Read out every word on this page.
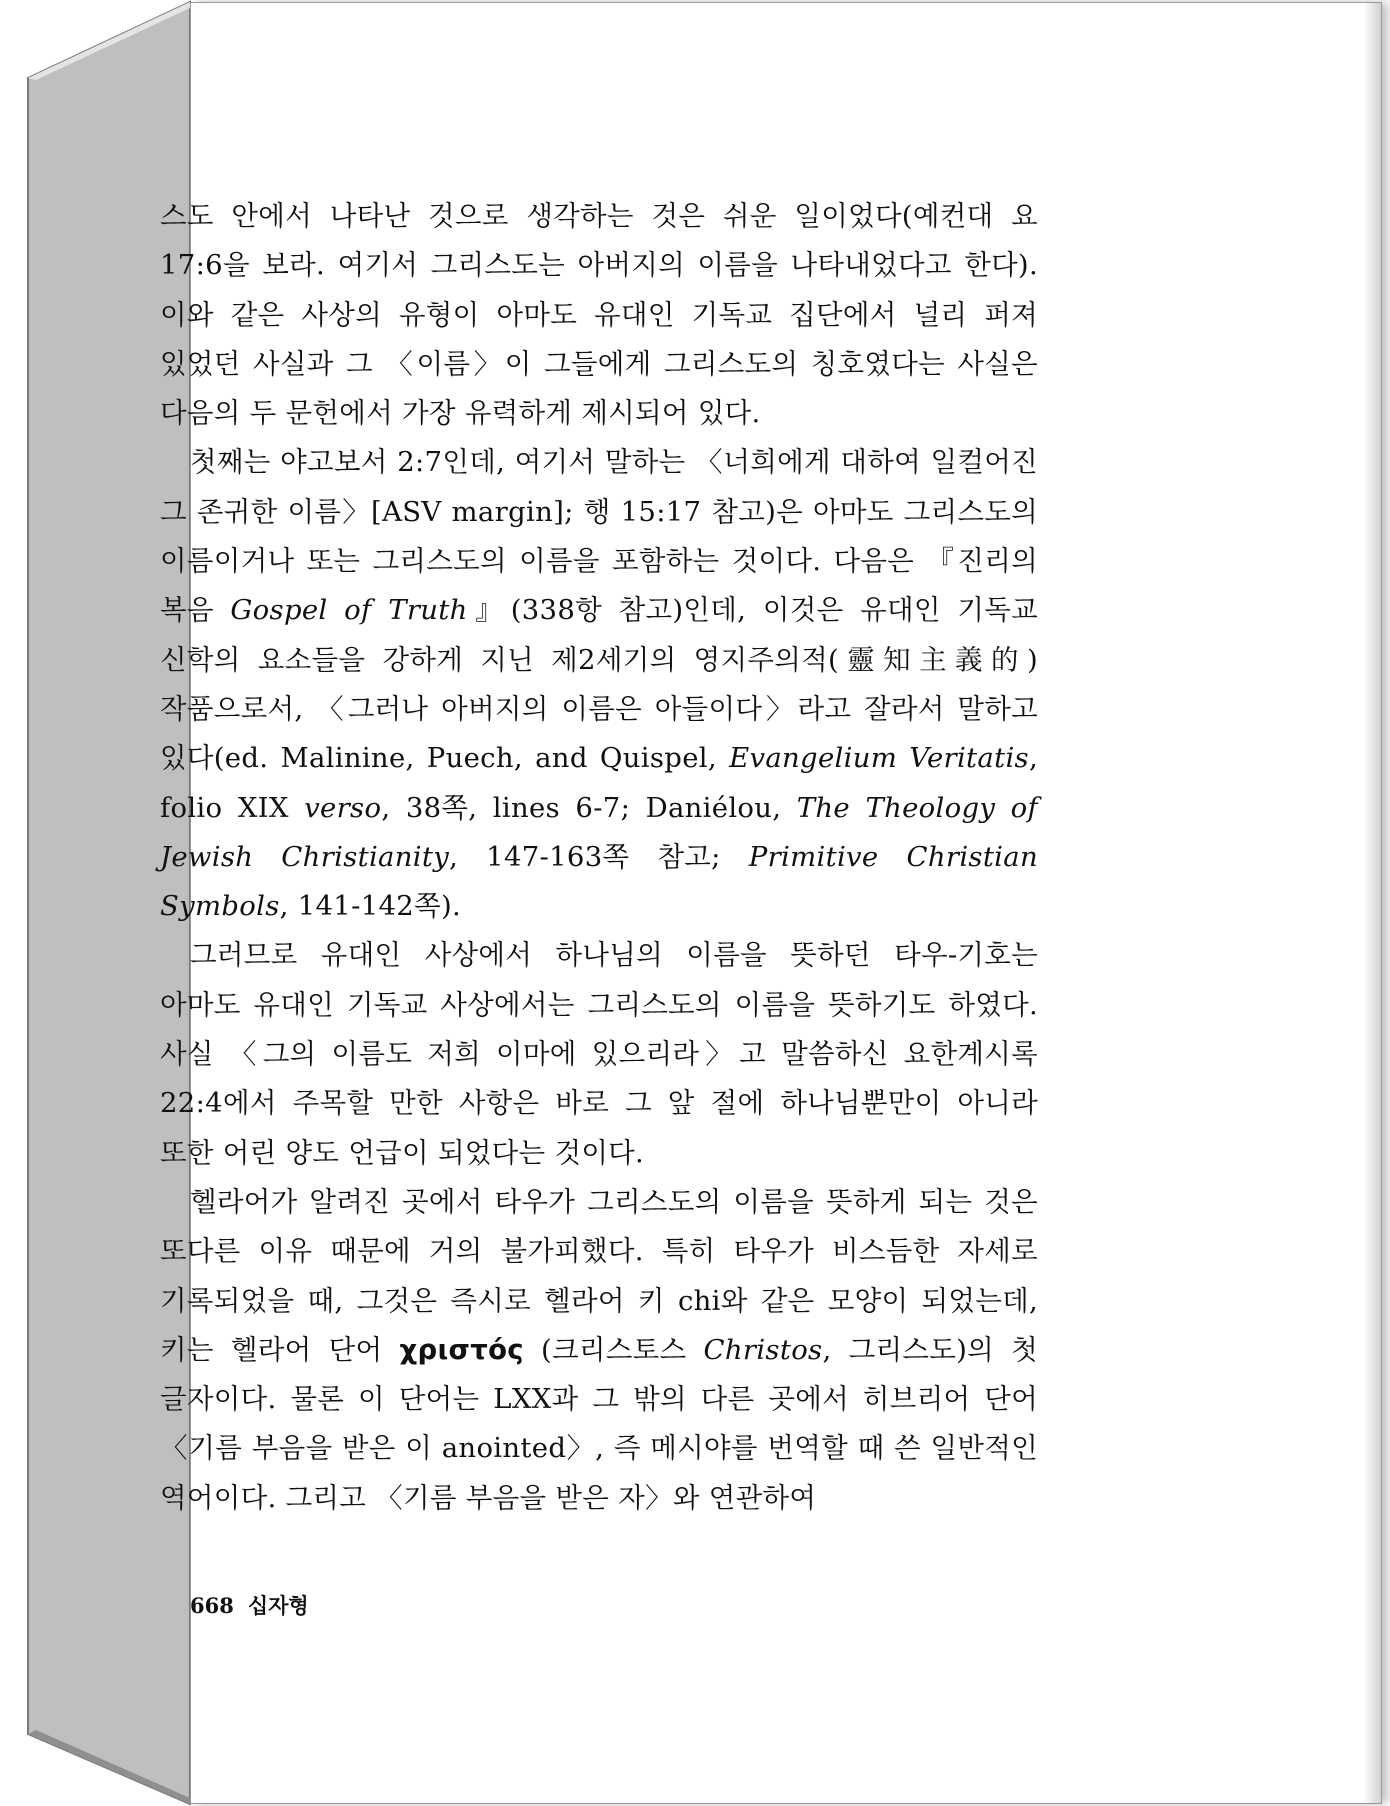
스도 안에서 나타난 것으로 생각하는 것은 쉬운 일이었다(예컨대 요 17:6을 보라. 여기서 그리스도는 아버지의 이름을 나타내었다고 한다). 이와 같은 사상의 유형이 아마도 유대인 기독교 집단에서 널리 퍼져 있었던 사실과 그 〈이름〉이 그들에게 그리스도의 칭호였다는 사실은 다음의 두 문헌에서 가장 유력하게 제시되어 있다.

첫째는 야고보서 2:7인데, 여기서 말하는 〈너희에게 대하여 일컬어진 그 존귀한 이름〉[ASV margin]; 행 15:17 참고)은 아마도 그리스도의 이름이거나 또는 그리스도의 이름을 포함하는 것이다. 다음은 『진리의 복음 Gospel of Truth』(338항 참고)인데, 이것은 유대인 기독교 신학의 요소들을 강하게 지닌 제2세기의 영지주의적(靈知主義的) 작품으로서, 〈그러나 아버지의 이름은 아들이다〉라고 잘라서 말하고 있다(ed. Malinine, Puech, and Quispel, Evangelium Veritatis, folio XIX verso, 38쪽, lines 6-7; Daniélou, The Theology of Jewish Christianity, 147-163쪽 참고; Primitive Christian Symbols, 141-142쪽).

그러므로 유대인 사상에서 하나님의 이름을 뜻하던 타우-기호는 아마도 유대인 기독교 사상에서는 그리스도의 이름을 뜻하기도 하였다. 사실 〈그의 이름도 저희 이마에 있으리라〉고 말씀하신 요한계시록 22:4에서 주목할 만한 사항은 바로 그 앞 절에 하나님뿐만이 아니라 또한 어린 양도 언급이 되었다는 것이다.

헬라어가 알려진 곳에서 타우가 그리스도의 이름을 뜻하게 되는 것은 또다른 이유 때문에 거의 불가피했다. 특히 타우가 비스듬한 자세로 기록되었을 때, 그것은 즉시로 헬라어 키 chi와 같은 모양이 되었는데, 키는 헬라어 단어 χριστός (크리스토스 Christos, 그리스도)의 첫 글자이다. 물론 이 단어는 LXX과 그 밖의 다른 곳에서 히브리어 단어 〈기름 부음을 받은 이 anointed〉, 즉 메시야를 번역할 때 쓴 일반적인 역어이다. 그리고 〈기름 부음을 받은 자〉와 연관하여

668 십자형
